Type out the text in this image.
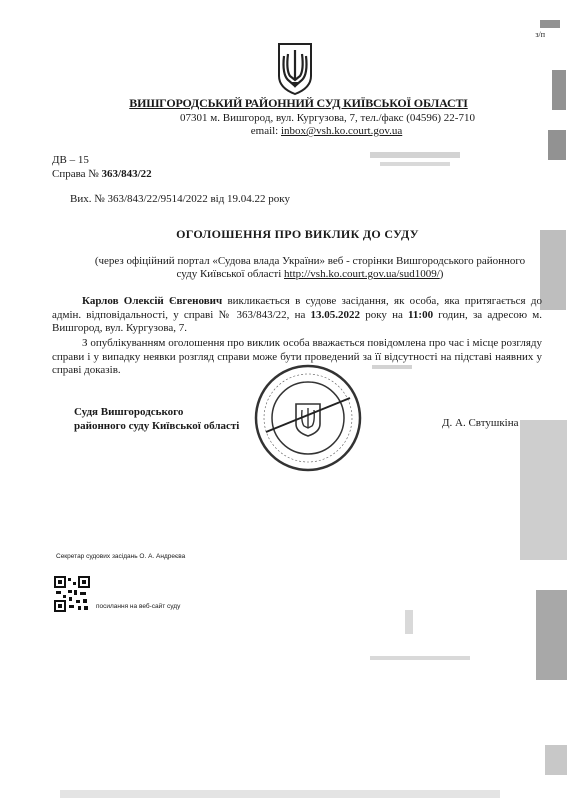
з/п
ВИШГОРОДСЬКИЙ РАЙОННИЙ СУД КИЇВСЬКОЇ ОБЛАСТІ
07301 м. Вишгород, вул. Кургузова, 7, тел./факс (04596) 22-710
email: inbox@vsh.ko.court.gov.ua
ДВ – 15
Справа № 363/843/22
Вих. № 363/843/22/9514/2022 від 19.04.22 року
ОГОЛОШЕННЯ ПРО ВИКЛИК ДО СУДУ
(через офіційний портал «Судова влада України» веб - сторінки Вишгородського районного
суду Київської області http://vsh.ko.court.gov.ua/sud1009/)
Карлов Олексій Євгенович викликається в судове засідання, як особа, яка притягається до адмін. відповідальності, у справі № 363/843/22, на 13.05.2022 року на 11:00 годин, за адресою м. Вишгород, вул. Кургузова, 7.
З опублікуванням оголошення про виклик особа вважається повідомлена про час і місце розгляду справи і у випадку неявки розгляд справи може бути проведений за її відсутності на підставі наявних у справі доказів.
Судя Вишгородського
районного суду Київської області	Д. А. Свтушкіна
Секретар судових засідань О. А. Андреєва
посилання на веб-сайт суду
